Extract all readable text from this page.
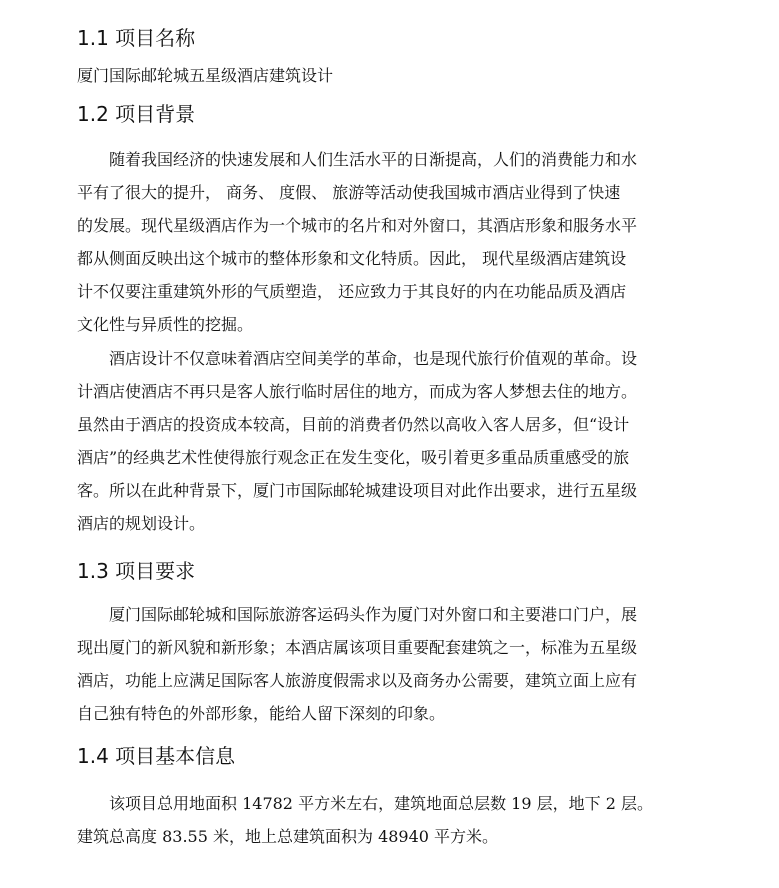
1.1 项目名称

厦门国际邮轮城五星级酒店建筑设计

1.2 项目背景

随着我国经济的快速发展和人们生活水平的日渐提高，人们的消费能力和水

平有了很大的提升， 商务、 度假、 旅游等活动使我国城市酒店业得到了快速

的发展。现代星级酒店作为一个城市的名片和对外窗口，其酒店形象和服务水平

都从侧面反映出这个城市的整体形象和文化特质。因此， 现代星级酒店建筑设

计不仅要注重建筑外形的气质塑造， 还应致力于其良好的内在功能品质及酒店

文化性与异质性的挖掘。

酒店设计不仅意味着酒店空间美学的革命，也是现代旅行价值观的革命。设

计酒店使酒店不再只是客人旅行临时居住的地方，而成为客人梦想去住的地方。

虽然由于酒店的投资成本较高，目前的消费者仍然以高收入客人居多，但“设计

酒店”的经典艺术性使得旅行观念正在发生变化，吸引着更多重品质重感受的旅

客。所以在此种背景下，厦门市国际邮轮城建设项目对此作出要求，进行五星级

酒店的规划设计。

1.3 项目要求

厦门国际邮轮城和国际旅游客运码头作为厦门对外窗口和主要港口门户，展

现出厦门的新风貌和新形象；本酒店属该项目重要配套建筑之一，标准为五星级

酒店，功能上应满足国际客人旅游度假需求以及商务办公需要，建筑立面上应有

自己独有特色的外部形象，能给人留下深刻的印象。

1.4 项目基本信息

该项目总用地面积 14782 平方米左右，建筑地面总层数 19 层，地下 2 层。

建筑总高度 83.55 米，地上总建筑面积为 48940 平方米。
